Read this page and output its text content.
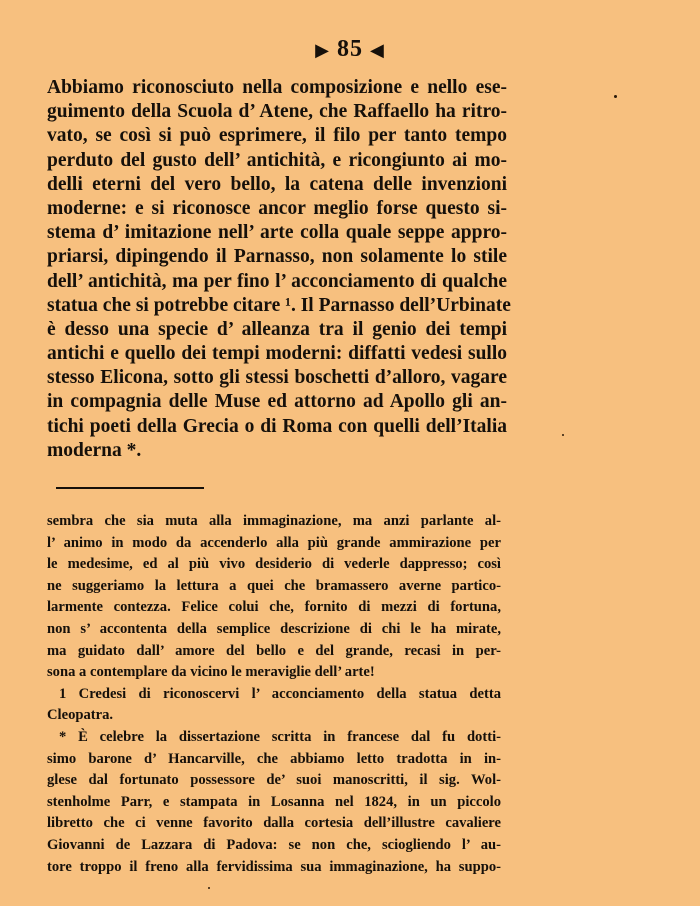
▶ 85 ◀
Abbiamo riconosciuto nella composizione e nello ese-
guimento della Scuola d’ Atene, che Raffaello ha ritro-
vato, se così si può esprimere, il filo per tanto tempo
perduto del gusto dell’ antichità, e ricongiunto ai mo-
delli eterni del vero bello, la catena delle invenzioni
moderne: e si riconosce ancor meglio forse questo si-
stema d’ imitazione nell’ arte colla quale seppe appro-
priarsi, dipingendo il Parnasso, non solamente lo stile
dell’ antichità, ma per fino l’ acconciamento di qualche
statua che si potrebbe citare ¹. Il Parnasso dell’Urbinate
è desso una specie d’ alleanza tra il genio dei tempi
antichi e quello dei tempi moderni: diffatti vedesi sullo
stesso Elicona, sotto gli stessi boschetti d’alloro, vagare
in compagnia delle Muse ed attorno ad Apollo gli an-
tichi poeti della Grecia o di Roma con quelli dell’Italia
moderna *.
sembra che sia muta alla immaginazione, ma anzi parlante al-
l’ animo in modo da accenderlo alla più grande ammirazione per
le medesime, ed al più vivo desiderio di vederle dappresso; così
ne suggeriamo la lettura a quei che bramassero averne partico-
larmente contezza. Felice colui che, fornito di mezzi di fortuna,
non s’ accontenta della semplice descrizione di chi le ha mirate,
ma guidato dall’ amore del bello e del grande, recasi in per-
sona a contemplare da vicino le meraviglie dell’ arte!
1 Credesi di riconoscervi l’ acconciamento della statua detta
Cleopatra.
* È celebre la dissertazione scritta in francese dal fu dotti-
simo barone d’ Hancarville, che abbiamo letto tradotta in in-
glese dal fortunato possessore de’ suoi manoscritti, il sig. Wol-
stenholme Parr, e stampata in Losanna nel 1824, in un piccolo
libretto che ci venne favorito dalla cortesia dell’illustre cavaliere
Giovanni de Lazzara di Padova: se non che, sciogliendo l’ au-
tore troppo il freno alla fervidissima sua immaginazione, ha suppo-
